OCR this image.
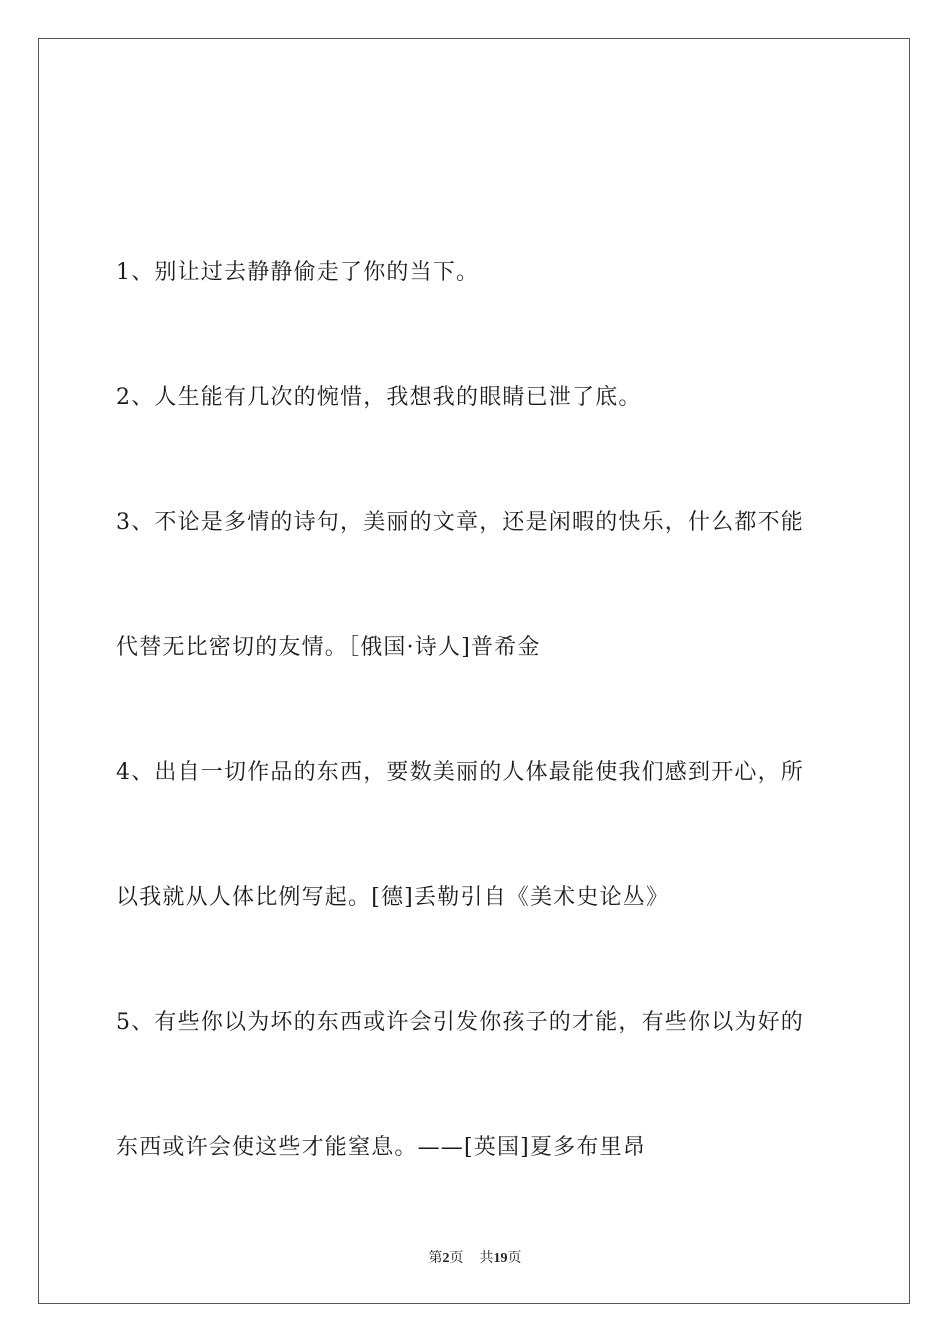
1、别让过去静静偷走了你的当下。
2、人生能有几次的惋惜，我想我的眼睛已泄了底。
3、不论是多情的诗句，美丽的文章，还是闲暇的快乐，什么都不能
代替无比密切的友情。［俄国·诗人]普希金
4、出自一切作品的东西，要数美丽的人体最能使我们感到开心，所
以我就从人体比例写起。[德]丢勒引自《美术史论丛》
5、有些你以为坏的东西或许会引发你孩子的才能，有些你以为好的
东西或许会使这些才能窒息。——[英国]夏多布里昂
第2页 共19页
